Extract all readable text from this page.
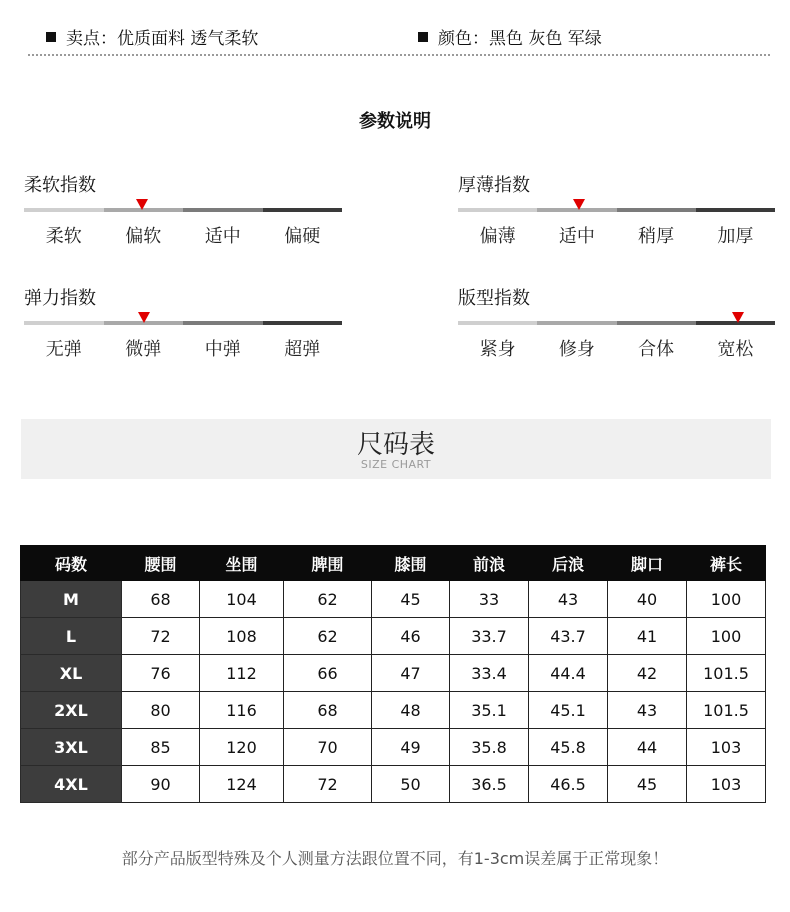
卖点： 优质面料 透气柔软	颜色： 黑色 灰色 军绿
参数说明
柔软指数
柔软	偏软	适中	偏硬
厚薄指数
偏薄	适中	稍厚	加厚
弹力指数
无弹	微弹	中弹	超弹
版型指数
紧身	修身	合体	宽松
尺码表
SIZE CHART
码数	腰围	坐围	脾围	膝围	前浪	后浪	脚口	裤长
M	68	104	62	45	33	43	40	100
L	72	108	62	46	33.7	43.7	41	100
XL	76	112	66	47	33.4	44.4	42	101.5
2XL	80	116	68	48	35.1	45.1	43	101.5
3XL	85	120	70	49	35.8	45.8	44	103
4XL	90	124	72	50	36.5	46.5	45	103
部分产品版型特殊及个人测量方法跟位置不同，有1-3cm误差属于正常现象！
